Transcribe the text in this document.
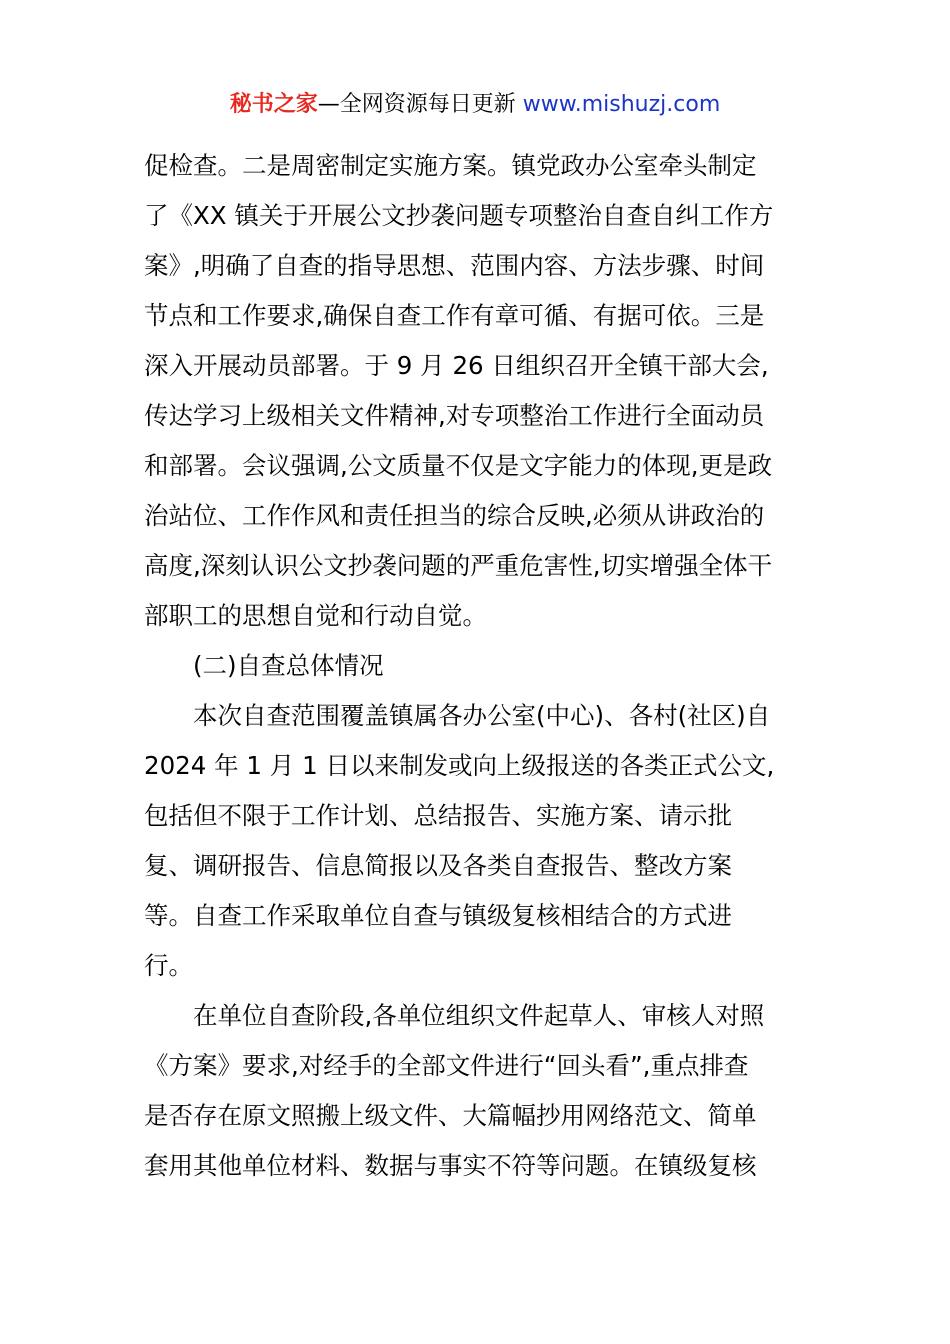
秘书之家—全网资源每日更新 www.mishuzj.com
促检查。二是周密制定实施方案。镇党政办公室牵头制定
了《XX 镇关于开展公文抄袭问题专项整治自查自纠工作方
案》,明确了自查的指导思想、范围内容、方法步骤、时间
节点和工作要求,确保自查工作有章可循、有据可依。三是
深入开展动员部署。于 9 月 26 日组织召开全镇干部大会,
传达学习上级相关文件精神,对专项整治工作进行全面动员
和部署。会议强调,公文质量不仅是文字能力的体现,更是政
治站位、工作作风和责任担当的综合反映,必须从讲政治的
高度,深刻认识公文抄袭问题的严重危害性,切实增强全体干
部职工的思想自觉和行动自觉。
(二)自查总体情况
本次自查范围覆盖镇属各办公室(中心)、各村(社区)自
2024 年 1 月 1 日以来制发或向上级报送的各类正式公文,
包括但不限于工作计划、总结报告、实施方案、请示批
复、调研报告、信息简报以及各类自查报告、整改方案
等。自查工作采取单位自查与镇级复核相结合的方式进
行。
在单位自查阶段,各单位组织文件起草人、审核人对照
《方案》要求,对经手的全部文件进行“回头看”,重点排查
是否存在原文照搬上级文件、大篇幅抄用网络范文、简单
套用其他单位材料、数据与事实不符等问题。在镇级复核
